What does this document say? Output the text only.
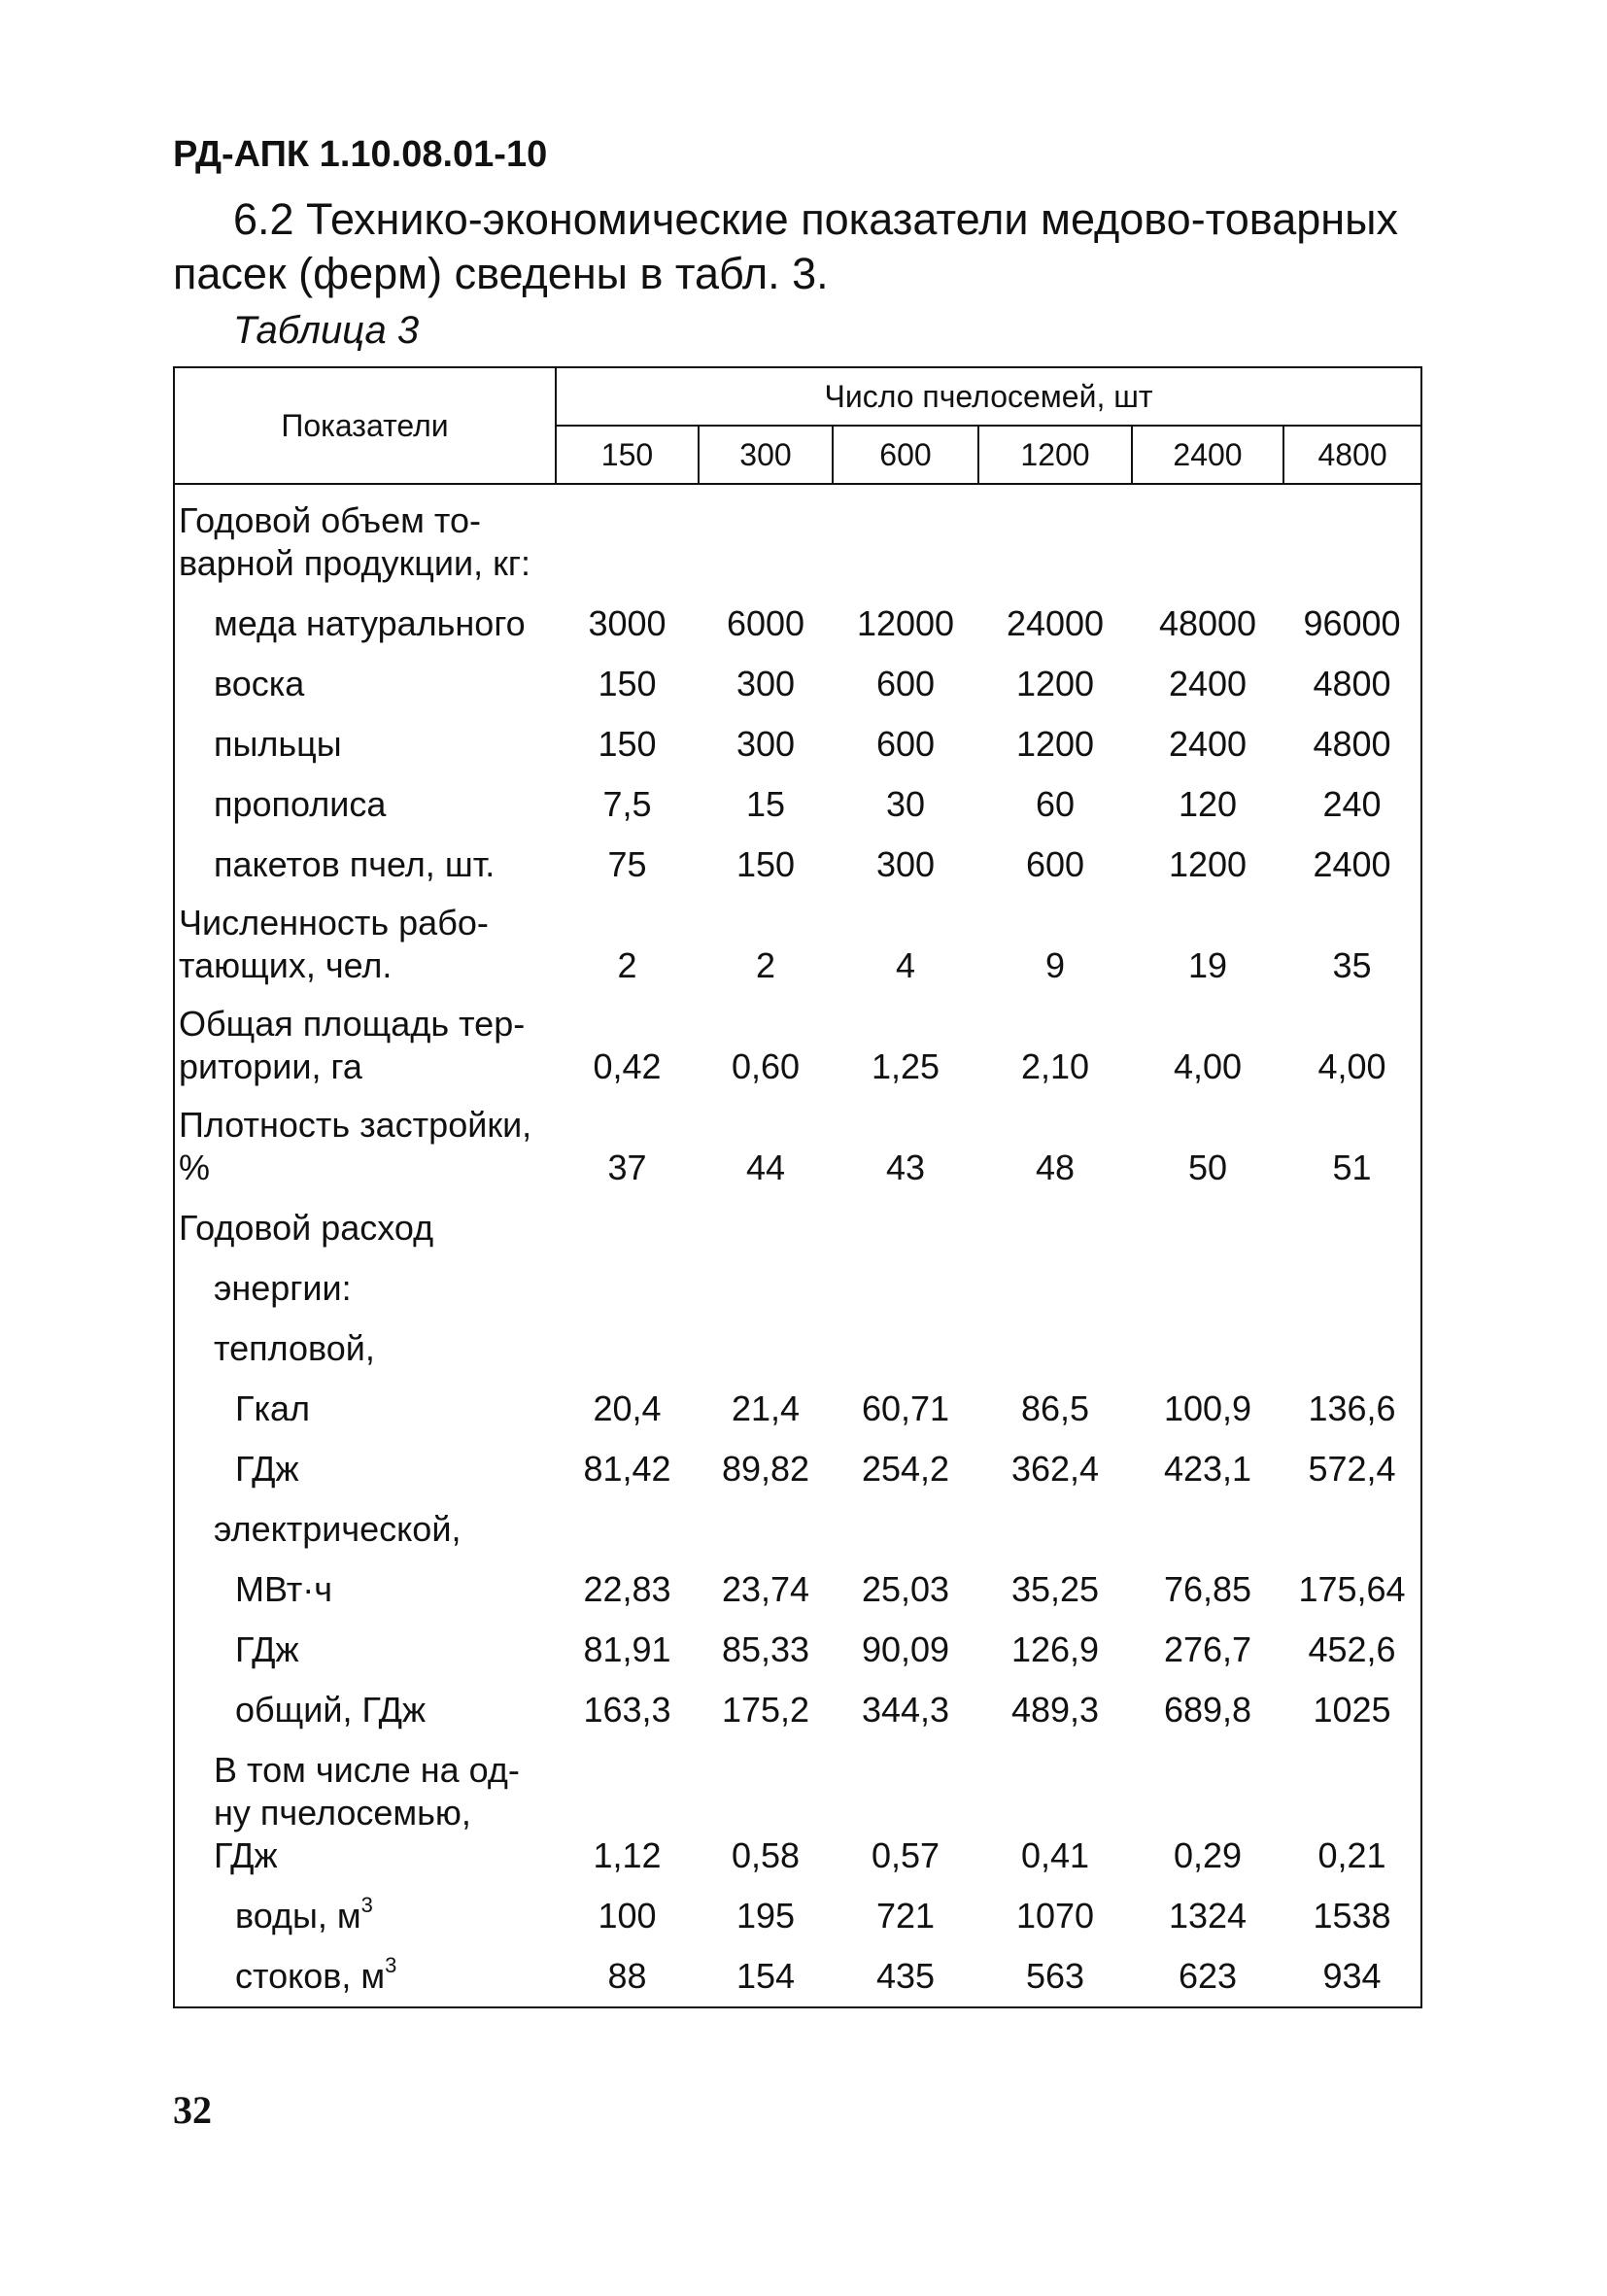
РД-АПК 1.10.08.01-10
6.2 Технико-экономические показатели медово-товарных
пасек (ферм) сведены в табл. 3.
Таблица 3
Показатели	Число пчелосемей, шт					
	150	300	600	1200	2400	4800

Годовой объем то-
варной продукции, кг:						

меда натурального	3000	6000	12000	24000	48000	96000
воска	150	300	600	1200	2400	4800
пыльцы	150	300	600	1200	2400	4800
прополиса	7,5	15	30	60	120	240
пакетов пчел, шт.	75	150	300	600	1200	2400

Численность рабо-
тающих, чел.	2	2	4	9	19	35

Общая площадь тер-
ритории, га	0,42	0,60	1,25	2,10	4,00	4,00

Плотность застройки,
%	37	44	43	48	50	51
Годовой расход						
энергии:						
тепловой,						
Гкал	20,4	21,4	60,71	86,5	100,9	136,6
ГДж	81,42	89,82	254,2	362,4	423,1	572,4
электрической,						
МВт·ч	22,83	23,74	25,03	35,25	76,85	175,64
ГДж	81,91	85,33	90,09	126,9	276,7	452,6
общий, ГДж	163,3	175,2	344,3	489,3	689,8	1025

В том числе на од-
ну пчелосемью,
ГДж	1,12	0,58	0,57	0,41	0,29	0,21
воды, $м^3$	100	195	721	1070	1324	1538
стоков, $м^3$	88	154	435	563	623	934
32
